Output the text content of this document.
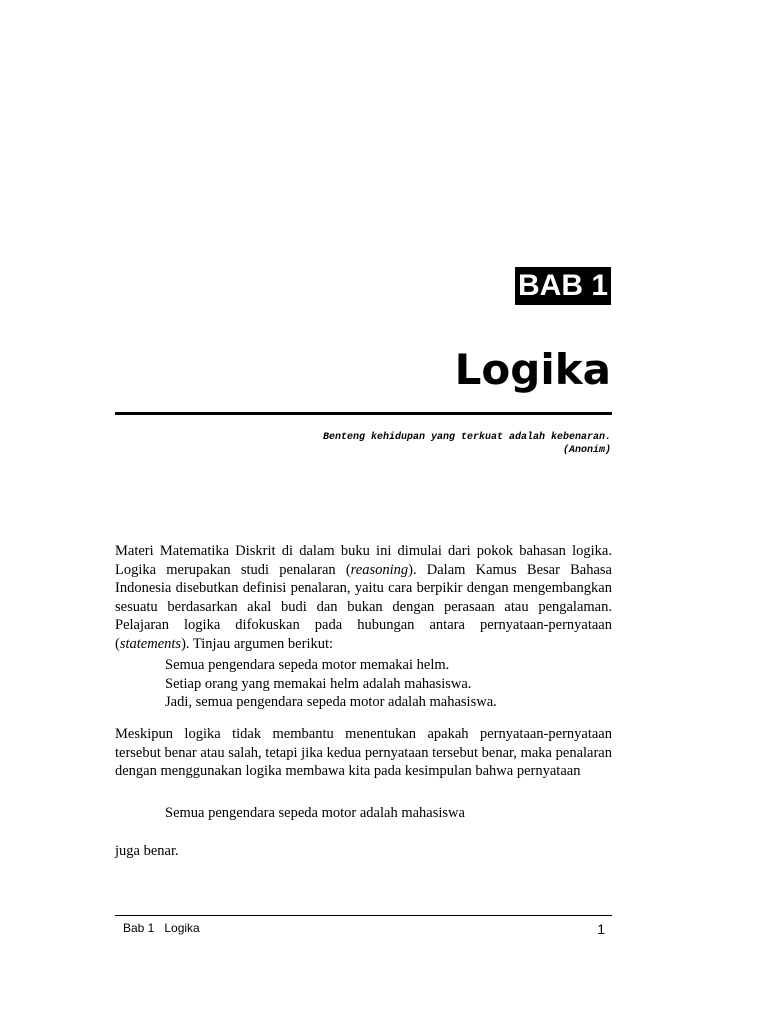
BAB 1
Logika
Benteng kehidupan yang terkuat adalah kebenaran.
(Anonim)

Materi Matematika Diskrit di dalam buku ini dimulai dari pokok bahasan logika. Logika merupakan studi penalaran (reasoning). Dalam Kamus Besar Bahasa Indonesia disebutkan definisi penalaran, yaitu cara berpikir dengan mengembangkan sesuatu berdasarkan akal budi dan bukan dengan perasaan atau pengalaman. Pelajaran logika difokuskan pada hubungan antara pernyataan-pernyataan (statements). Tinjau argumen berikut:

Semua pengendara sepeda motor memakai helm.
Setiap orang yang memakai helm adalah mahasiswa.
Jadi, semua pengendara sepeda motor adalah mahasiswa.

Meskipun logika tidak membantu menentukan apakah pernyataan-pernyataan tersebut benar atau salah, tetapi jika kedua pernyataan tersebut benar, maka penalaran dengan menggunakan logika membawa kita pada kesimpulan bahwa pernyataan

Semua pengendara sepeda motor adalah mahasiswa

juga benar.

Bab 1   Logika	1
